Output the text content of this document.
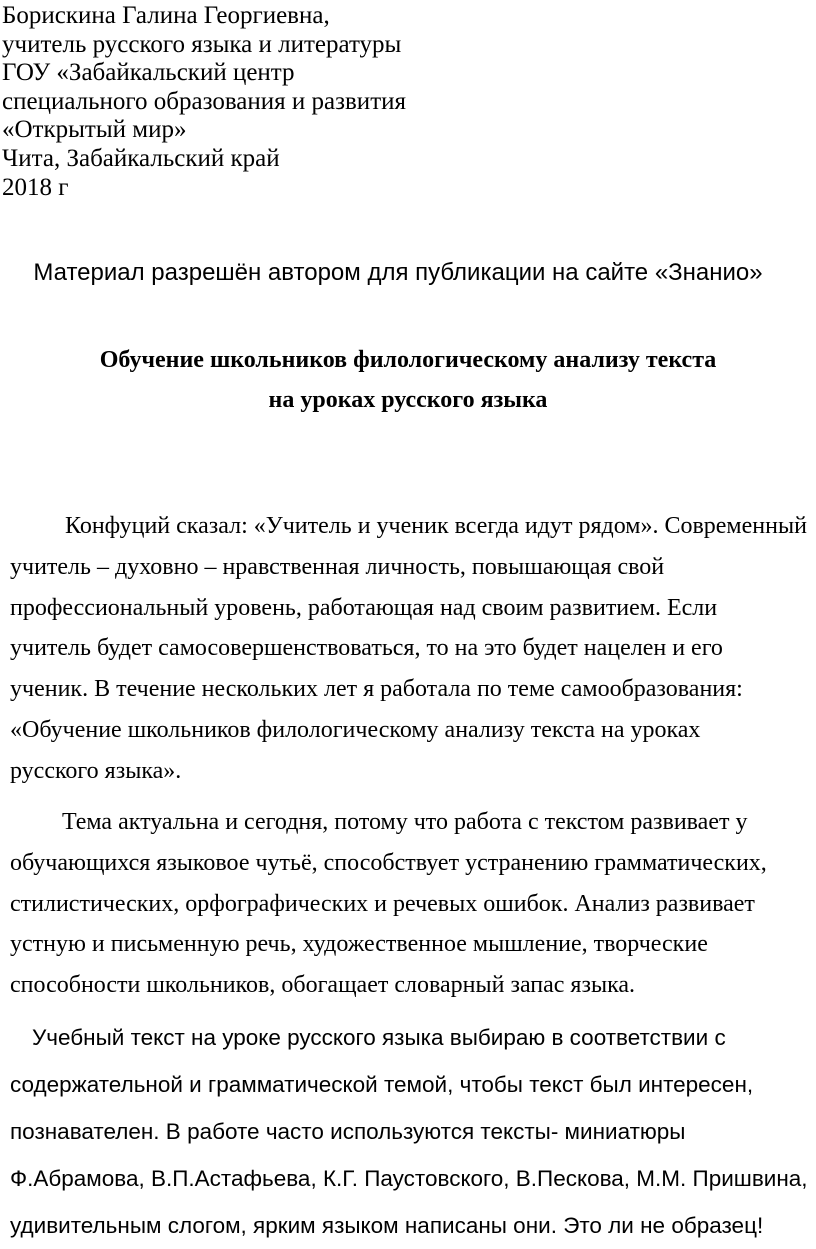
Борискина Галина Георгиевна,
учитель русского языка и литературы
ГОУ «Забайкальский центр
специального образования и развития
«Открытый мир»
Чита, Забайкальский край
2018 г
Материал разрешён автором для публикации на сайте «Знанио»
Обучение школьников филологическому анализу текста
на уроках русского языка
Конфуций сказал: «Учитель и ученик всегда идут рядом». Современный
учитель – духовно – нравственная личность, повышающая свой
профессиональный уровень, работающая над своим развитием. Если
учитель будет самосовершенствоваться, то на это будет нацелен и его
ученик. В течение нескольких лет я работала по теме самообразования:
«Обучение школьников филологическому анализу текста на уроках
русского языка».
Тема актуальна и сегодня, потому что работа с текстом развивает у
обучающихся языковое чутьё, способствует устранению грамматических,
стилистических, орфографических и речевых ошибок. Анализ развивает
устную и письменную речь, художественное мышление, творческие
способности школьников, обогащает словарный запас языка.
Учебный текст на уроке русского языка выбираю в соответствии с
содержательной и грамматической темой, чтобы текст был интересен,
познавателен. В работе часто используются тексты- миниатюры
Ф.Абрамова, В.П.Астафьева, К.Г. Паустовского, В.Пескова, М.М. Пришвина,
удивительным слогом, ярким языком написаны они. Это ли не образец!
